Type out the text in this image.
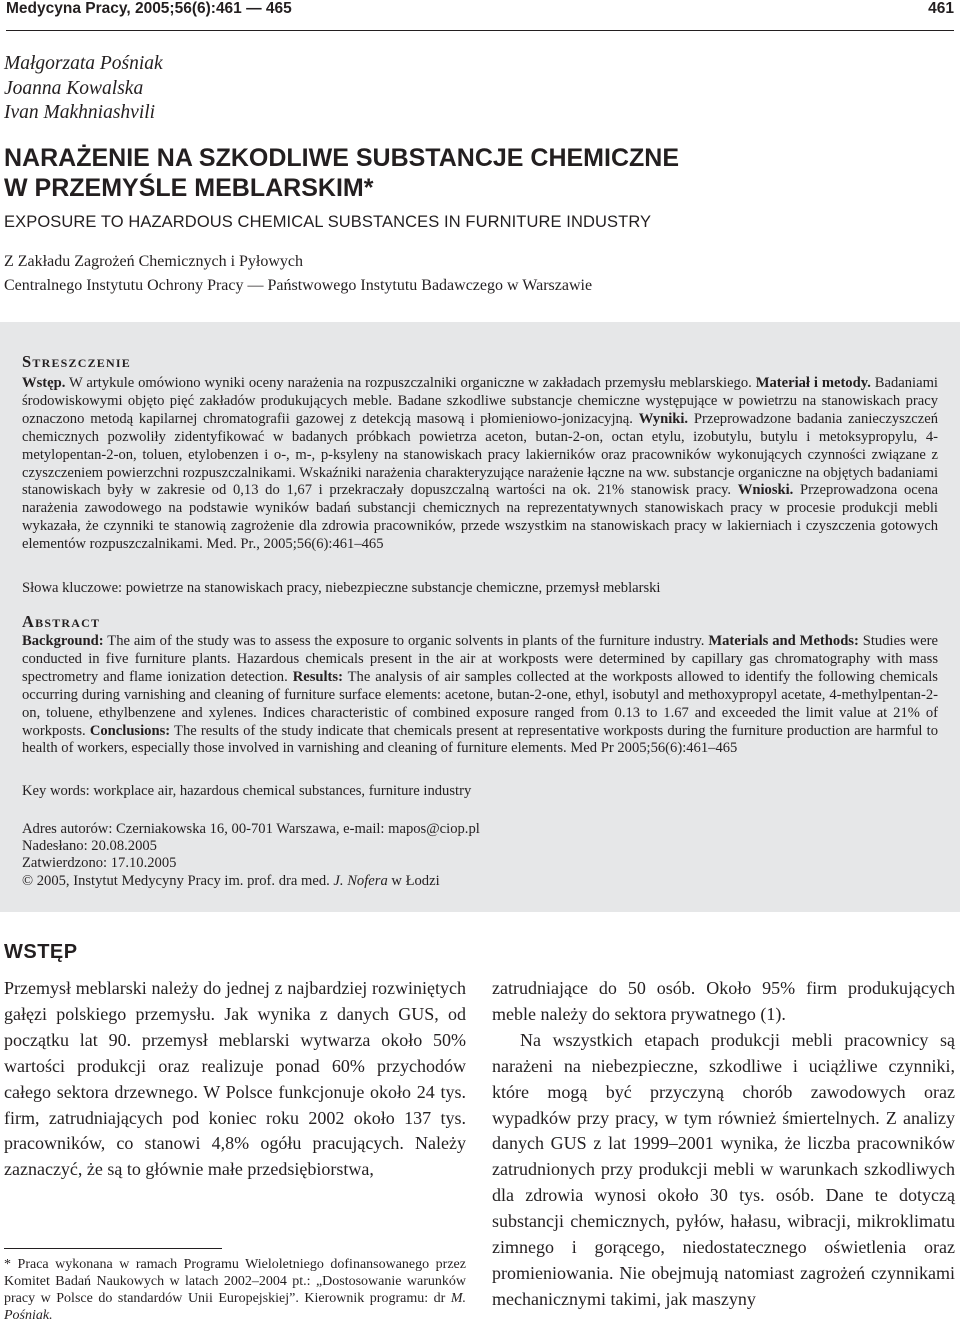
Medycyna Pracy, 2005;56(6):461 — 465	461
Małgorzata Pośniak
Joanna Kowalska
Ivan Makhniashvili
NARAŻENIE NA SZKODLIWE SUBSTANCJE CHEMICZNE
W PRZEMYŚLE MEBLARSKIM*
EXPOSURE TO HAZARDOUS CHEMICAL SUBSTANCES IN FURNITURE INDUSTRY
Z Zakładu Zagrożeń Chemicznych i Pyłowych
Centralnego Instytutu Ochrony Pracy — Państwowego Instytutu Badawczego w Warszawie
Streszczenie
Wstęp. W artykule omówiono wyniki oceny narażenia na rozpuszczalniki organiczne w zakładach przemysłu meblarskiego. Materiał i metody. Badaniami środowiskowymi objęto pięć zakładów produkujących meble. Badane szkodliwe substancje chemiczne występujące w powietrzu na stanowiskach pracy oznaczono metodą kapilarnej chromatografii gazowej z detekcją masową i płomieniowo-jonizacyjną. Wyniki. Przeprowadzone badania zanieczyszczeń chemicznych pozwoliły zidentyfikować w badanych próbkach powietrza aceton, butan-2-on, octan etylu, izobutylu, butylu i metoksypropylu, 4-metylopentan-2-on, toluen, etylobenzen i o-, m-, p-ksyleny na stanowiskach pracy lakierników oraz pracowników wykonujących czynności związane z czyszczeniem powierzchni rozpuszczalnikami. Wskaźniki narażenia charakteryzujące narażenie łączne na ww. substancje organiczne na objętych badaniami stanowiskach były w zakresie od 0,13 do 1,67 i przekraczały dopuszczalną wartości na ok. 21% stanowisk pracy. Wnioski. Przeprowadzona ocena narażenia zawodowego na podstawie wyników badań substancji chemicznych na reprezentatywnych stanowiskach pracy w procesie produkcji mebli wykazała, że czynniki te stanowią zagrożenie dla zdrowia pracowników, przede wszystkim na stanowiskach pracy w lakierniach i czyszczenia gotowych elementów rozpuszczalnikami. Med. Pr., 2005;56(6):461–465
Słowa kluczowe: powietrze na stanowiskach pracy, niebezpieczne substancje chemiczne, przemysł meblarski
Abstract
Background: The aim of the study was to assess the exposure to organic solvents in plants of the furniture industry. Materials and Methods: Studies were conducted in five furniture plants. Hazardous chemicals present in the air at workposts were determined by capillary gas chromatography with mass spectrometry and flame ionization detection. Results: The analysis of air samples collected at the workposts allowed to identify the following chemicals occurring during varnishing and cleaning of furniture surface elements: acetone, butan-2-one, ethyl, isobutyl and methoxypropyl acetate, 4-methylpentan-2-on, toluene, ethylbenzene and xylenes. Indices characteristic of combined exposure ranged from 0.13 to 1.67 and exceeded the limit value at 21% of workposts. Conclusions: The results of the study indicate that chemicals present at representative workposts during the furniture production are harmful to health of workers, especially those involved in varnishing and cleaning of furniture elements. Med Pr 2005;56(6):461–465
Key words: workplace air, hazardous chemical substances, furniture industry
Adres autorów: Czerniakowska 16, 00-701 Warszawa, e-mail: mapos@ciop.pl
Nadesłano: 20.08.2005
Zatwierdzono: 17.10.2005
© 2005, Instytut Medycyny Pracy im. prof. dra med. J. Nofera w Łodzi
WSTĘP
Przemysł meblarski należy do jednej z najbardziej rozwiniętych gałęzi polskiego przemysłu. Jak wynika z danych GUS, od początku lat 90. przemysł meblarski wytwarza około 50% wartości produkcji oraz realizuje ponad 60% przychodów całego sektora drzewnego. W Polsce funkcjonuje około 24 tys. firm, zatrudniających pod koniec roku 2002 około 137 tys. pracowników, co stanowi 4,8% ogółu pracujących. Należy zaznaczyć, że są to głównie małe przedsiębiorstwa,

zatrudniające do 50 osób. Około 95% firm produkujących meble należy do sektora prywatnego (1).

Na wszystkich etapach produkcji mebli pracownicy są narażeni na niebezpieczne, szkodliwe i uciążliwe czynniki, które mogą być przyczyną chorób zawodowych oraz wypadków przy pracy, w tym również śmiertelnych. Z analizy danych GUS z lat 1999–2001 wynika, że liczba pracowników zatrudnionych przy produkcji mebli w warunkach szkodliwych dla zdrowia wynosi około 30 tys. osób. Dane te dotyczą substancji chemicznych, pyłów, hałasu, wibracji, mikroklimatu zimnego i gorącego, niedostatecznego oświetlenia oraz promieniowania. Nie obejmują natomiast zagrożeń czynnikami mechanicznymi takimi, jak maszyny

* Praca wykonana w ramach Programu Wieloletniego dofinansowanego przez Komitet Badań Naukowych w latach 2002–2004 pt.: „Dostosowanie warunków pracy w Polsce do standardów Unii Europejskiej”. Kierownik programu: dr M. Pośniak.
